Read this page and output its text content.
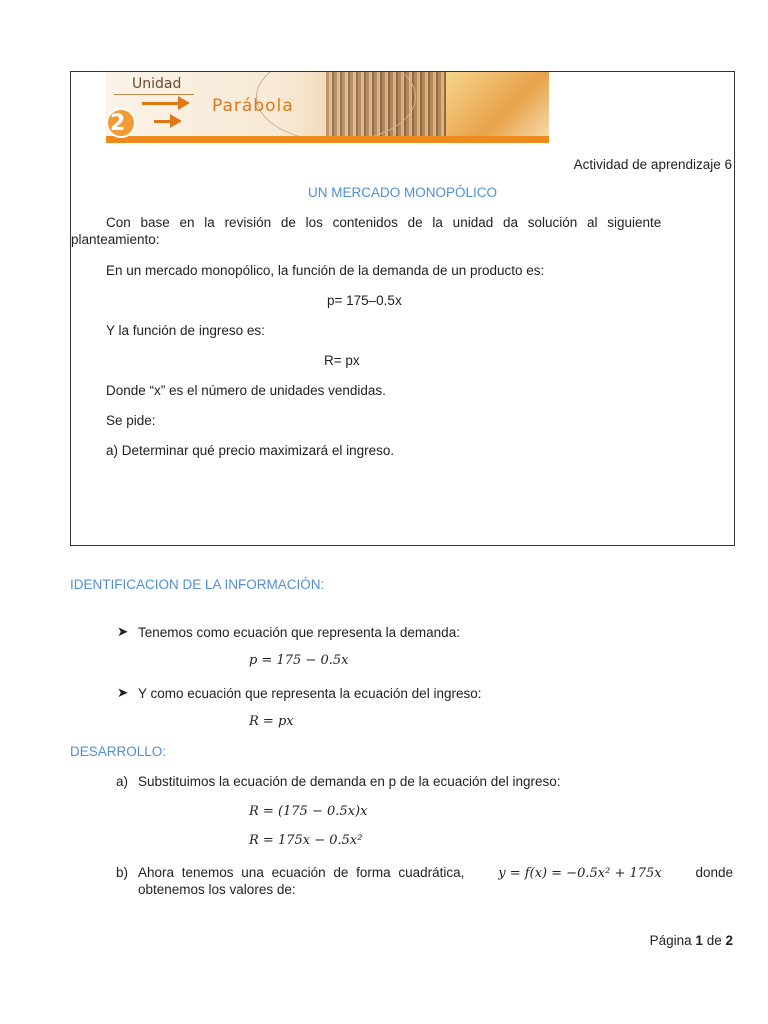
Unidad
Parábola
2
Actividad de aprendizaje 6
UN MERCADO MONOPÓLICO
Con base en la revisión de los contenidos de la unidad da solución al siguiente
planteamiento:
En un mercado monopólico, la función de la demanda de un producto es:
p= 175–0.5x
Y la función de ingreso es:
R= px
Donde “x” es el número de unidades vendidas.
Se pide:
a) Determinar qué precio maximizará el ingreso.
IDENTIFICACION DE LA INFORMACIÓN:
➤ Tenemos como ecuación que representa la demanda:
p = 175 − 0.5x
➤ Y como ecuación que representa la ecuación del ingreso:
R = px
DESARROLLO:
a) Substituimos la ecuación de demanda en p de la ecuación del ingreso:
R = (175 − 0.5x)x
R = 175x − 0.5x²
b) Ahora tenemos una ecuación de forma cuadrática,	y = f(x) = −0.5x² + 175x	donde
obtenemos los valores de:
Página 1 de 2
